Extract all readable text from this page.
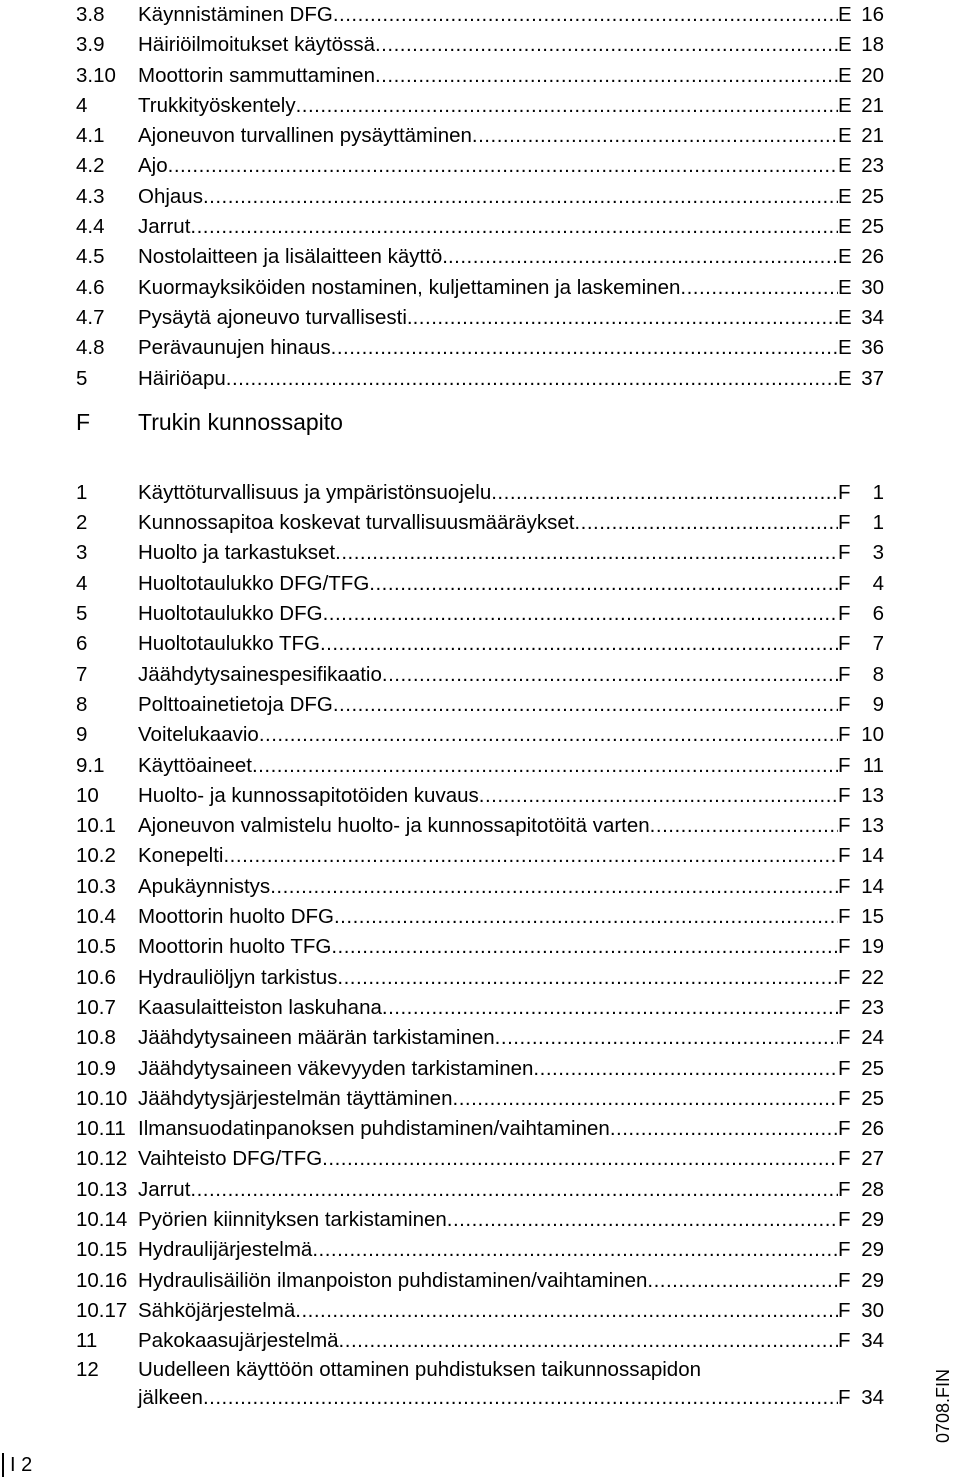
3.8 Käynnistäminen DFG .....	E 16
3.9 Häiriöilmoitukset käytössä .....	E 18
3.10 Moottorin sammuttaminen .....	E 20
4 Trukkityöskentely .....	E 21
4.1 Ajoneuvon turvallinen pysäyttäminen .....	E 21
4.2 Ajo .....	E 23
4.3 Ohjaus .....	E 25
4.4 Jarrut .....	E 25
4.5 Nostolaitteen ja lisälaitteen käyttö. .....	E 26
4.6 Kuormayksiköiden nostaminen, kuljettaminen ja laskeminen .....	E 30
4.7 Pysäytä ajoneuvo turvallisesti. .....	E 34
4.8 Perävaunujen hinaus .....	E 36
5 Häiriöapu .....	E 37
F Trukin kunnossapito
1 Käyttöturvallisuus ja ympäristönsuojelu .....	F	1
2 Kunnossapitoa koskevat turvallisuusmääräykset .....	F	1
3 Huolto ja tarkastukset .....	F	3
4 Huoltotaulukko DFG/TFG .....	F	4
5 Huoltotaulukko DFG .....	F	6
6 Huoltotaulukko TFG .....	F	7
7 Jäähdytysainespesifikaatio .....	F	8
8 Polttoainetietoja DFG .....	F	9
9 Voitelukaavio .....	F 10
9.1 Käyttöaineet .....	F 11
10 Huolto- ja kunnossapitotöiden kuvaus .....	F 13
10.1 Ajoneuvon valmistelu huolto- ja kunnossapitotöitä varten .....	F 13
10.2 Konepelti .....	F 14
10.3 Apukäynnistys .....	F 14
10.4 Moottorin huolto DFG .....	F 15
10.5 Moottorin huolto TFG .....	F 19
10.6 Hydrauliöljyn tarkistus .....	F 22
10.7 Kaasulaitteiston laskuhana .....	F 23
10.8 Jäähdytysaineen määrän tarkistaminen .....	F 24
10.9 Jäähdytysaineen väkevyyden tarkistaminen .....	F 25
10.10 Jäähdytysjärjestelmän täyttäminen .....	F 25
10.11 Ilmansuodatinpanoksen puhdistaminen/vaihtaminen .....	F 26
10.12 Vaihteisto DFG/TFG .....	F 27
10.13 Jarrut .....	F 28
10.14 Pyörien kiinnityksen tarkistaminen .....	F 29
10.15 Hydraulijärjestelmä .....	F 29
10.16 Hydraulisäiliön ilmanpoiston puhdistaminen/vaihtaminen .....	F 29
10.17 Sähköjärjestelmä .....	F 30
11 Pakokaasujärjestelmä .....	F 34
12 Uudelleen käyttöön ottaminen puhdistuksen taikunnossapidon
jälkeen .....	F 34	0708.FIN
I 2
